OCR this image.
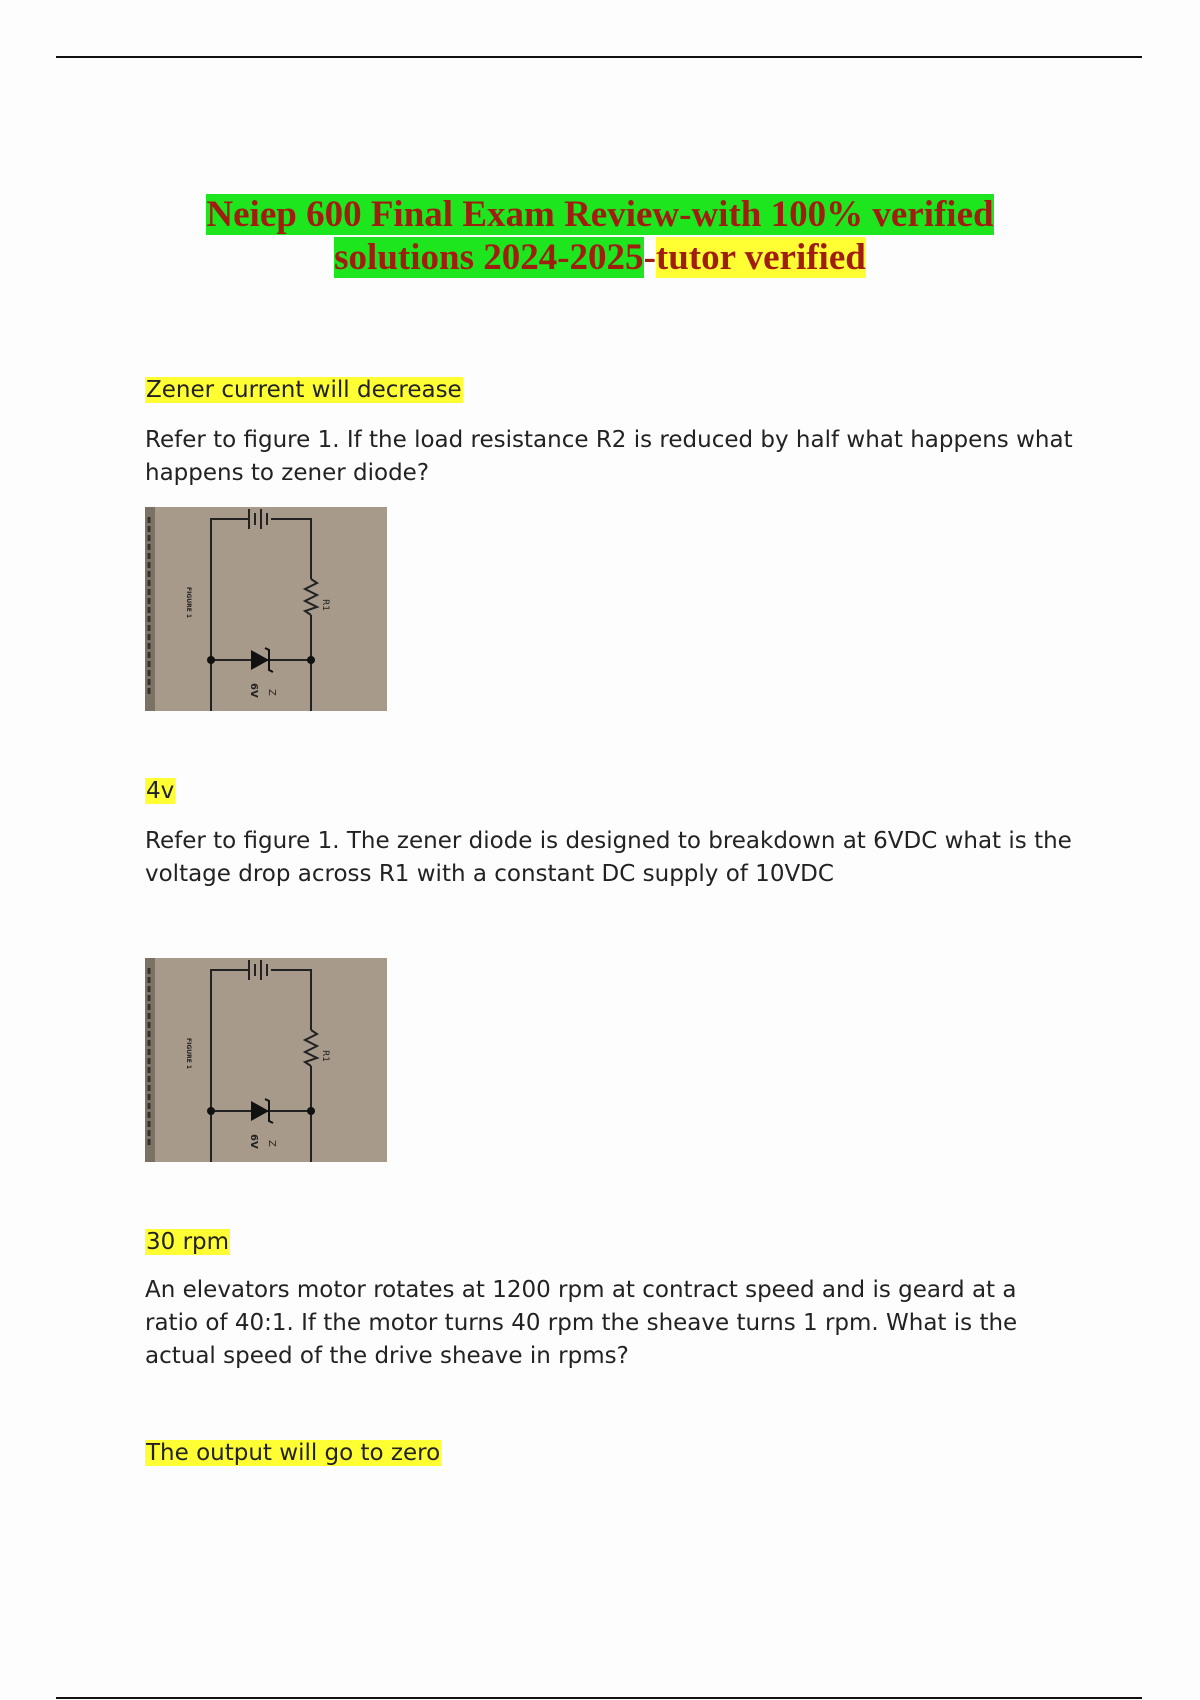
Neiep 600 Final Exam Review-with 100% verified
solutions 2024-2025-tutor verified
Zener current will decrease
Refer to figure 1. If the load resistance R2 is reduced by half what happens what happens to zener diode?
R1
Z
6V
FIGURE 1
4v
Refer to figure 1. The zener diode is designed to breakdown at 6VDC what is the voltage drop across R1 with a constant DC supply of 10VDC
R1
Z
6V
FIGURE 1
30 rpm
An elevators motor rotates at 1200 rpm at contract speed and is geard at a ratio of 40:1. If the motor turns 40 rpm the sheave turns 1 rpm. What is the actual speed of the drive sheave in rpms?
The output will go to zero
